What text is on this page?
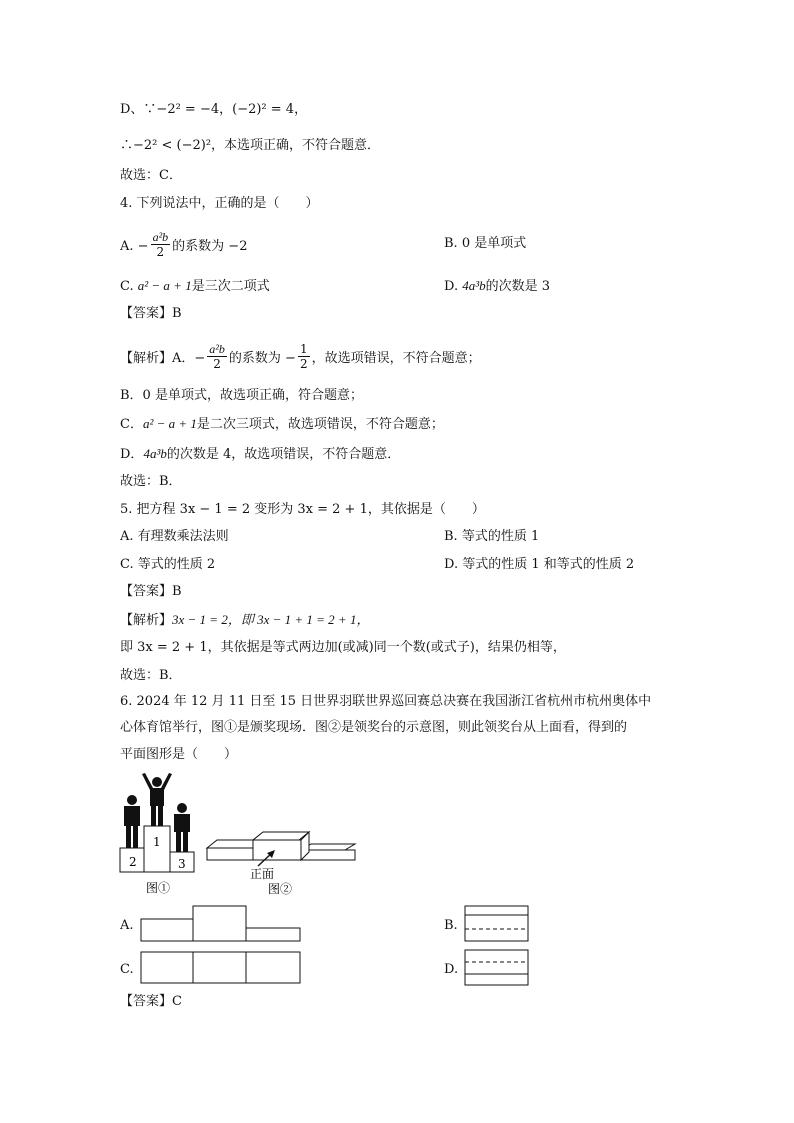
D、∵−2² = −4，(−2)² = 4，
∴−2² < (−2)²，本选项正确，不符合题意．
故选：C．
4. 下列说法中，正确的是（　　）
A. − $\frac{\text{a²b}}{2}$ 的系数为 −2	B. 0 是单项式
C. a² − a + 1是三次二项式	D. 4a³b的次数是 3
【答案】B
【解析】A．− $\frac{\text{a²b}}{2}$ 的系数为 − $\frac{1}{2}$ ，故选项错误，不符合题意；
B．0 是单项式，故选项正确，符合题意；
C．a² − a + 1是二次三项式，故选项错误，不符合题意；
D．4a³b的次数是 4，故选项错误，不符合题意．
故选：B．
5. 把方程 3x − 1 = 2 变形为 3x = 2 + 1，其依据是（　　）
A. 有理数乘法法则	B. 等式的性质 1
C. 等式的性质 2	D. 等式的性质 1 和等式的性质 2
【答案】B
【解析】3x − 1 = 2，即 3x − 1 + 1 = 2 + 1，
即 3x = 2 + 1，其依据是等式两边加(或减)同一个数(或式子)，结果仍相等，
故选：B．
6. 2024 年 12 月 11 日至 15 日世界羽联世界巡回赛总决赛在我国浙江省杭州市杭州奥体中
心体育馆举行，图①是颁奖现场．图②是领奖台的示意图，则此领奖台从上面看，得到的
平面图形是（　　）
2
1
3
图①
正面
图②
A.	B.
C.	D.
【答案】C
